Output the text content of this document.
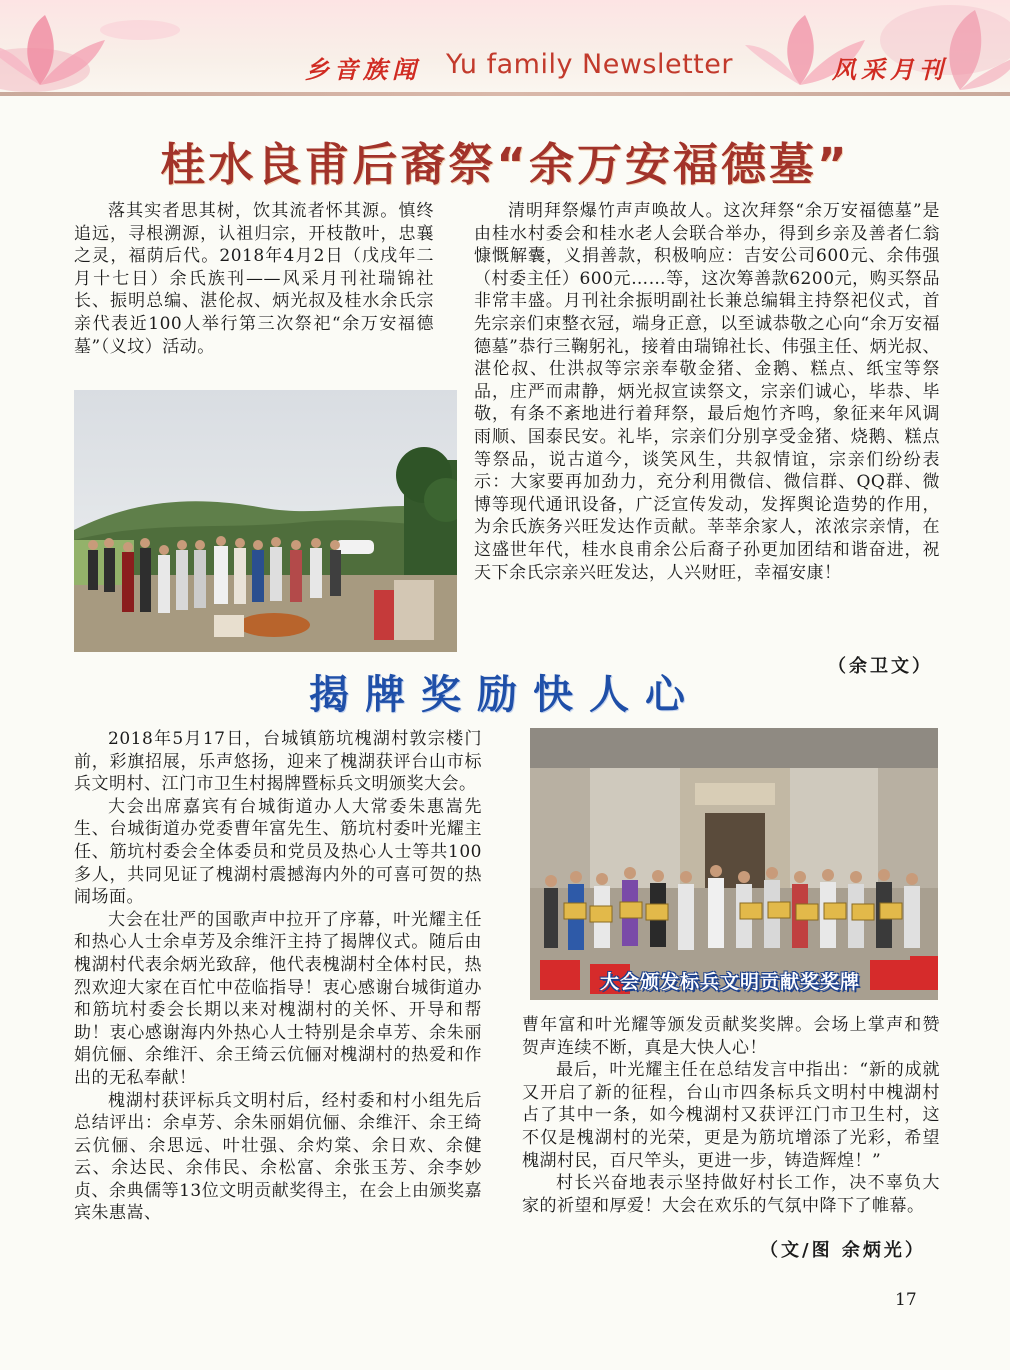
乡音族闻 Yu family Newsletter	风采月刊
桂水良甫后裔祭“余万安福德墓”

落其实者思其树，饮其流者怀其源。慎终追远，寻根溯源，认祖归宗，开枝散叶，忠襄之灵，福荫后代。2018年4月2日（戊戌年二月十七日）余氏族刊——风采月刊社瑞锦社长、振明总编、湛伦叔、炳光叔及桂水余氏宗亲代表近100人举行第三次祭祀“余万安福德墓”（义坟）活动。

清明拜祭爆竹声声唤故人。这次拜祭“余万安福德墓”是由桂水村委会和桂水老人会联合举办，得到乡亲及善者仁翁慷慨解囊，义捐善款，积极响应：吉安公司600元、余伟强（村委主任）600元……等，这次筹善款6200元，购买祭品非常丰盛。月刊社余振明副社长兼总编辑主持祭祀仪式，首先宗亲们束整衣冠，端身正意，以至诚恭敬之心向“余万安福德墓”恭行三鞠躬礼，接着由瑞锦社长、伟强主任、炳光叔、湛伦叔、仕洪叔等宗亲奉敬金猪、金鹅、糕点、纸宝等祭品，庄严而肃静，炳光叔宣读祭文，宗亲们诚心，毕恭、毕敬，有条不紊地进行着拜祭，最后炮竹齐鸣，象征来年风调雨顺、国泰民安。礼毕，宗亲们分别享受金猪、烧鹅、糕点等祭品，说古道今，谈笑风生，共叙情谊，宗亲们纷纷表示：大家要再加劲力，充分利用微信、微信群、QQ群、微博等现代通讯设备，广泛宣传发动，发挥舆论造势的作用，为余氏族务兴旺发达作贡献。莘莘余家人，浓浓宗亲情，在这盛世年代，桂水良甫余公后裔子孙更加团结和谐奋进，祝天下余氏宗亲兴旺发达，人兴财旺，幸福安康！

（余卫文）
揭牌奖励快人心

2018年5月17日，台城镇筋坑槐湖村敦宗楼门前，彩旗招展，乐声悠扬，迎来了槐湖获评台山市标兵文明村、江门市卫生村揭牌暨标兵文明颁奖大会。

大会出席嘉宾有台城街道办人大常委朱惠嵩先生、台城街道办党委曹年富先生、筋坑村委叶光耀主任、筋坑村委会全体委员和党员及热心人士等共100多人，共同见证了槐湖村震撼海内外的可喜可贺的热闹场面。

大会在壮严的国歌声中拉开了序幕，叶光耀主任和热心人士余卓芳及余维汗主持了揭牌仪式。随后由槐湖村代表余炳光致辞，他代表槐湖村全体村民，热烈欢迎大家在百忙中莅临指导！衷心感谢台城街道办和筋坑村委会长期以来对槐湖村的关怀、开导和帮助！衷心感谢海内外热心人士特别是余卓芳、余朱丽娟伉俪、余维汗、余王绮云伉俪对槐湖村的热爱和作出的无私奉献！

槐湖村获评标兵文明村后，经村委和村小组先后总结评出：余卓芳、余朱丽娟伉俪、余维汗、余王绮云伉俪、余思远、叶壮强、余灼棠、余日欢、余健云、余达民、余伟民、余松富、余张玉芳、余李妙贞、余典儒等13位文明贡献奖得主，在会上由颁奖嘉宾朱惠嵩、

大会颁发标兵文明贡献奖奖牌

曹年富和叶光耀等颁发贡献奖奖牌。会场上掌声和赞贺声连续不断，真是大快人心！

最后，叶光耀主任在总结发言中指出：“新的成就又开启了新的征程，台山市四条标兵文明村中槐湖村占了其中一条，如今槐湖村又获评江门市卫生村，这不仅是槐湖村的光荣，更是为筋坑增添了光彩，希望槐湖村民，百尺竿头，更进一步，铸造辉煌！”

村长兴奋地表示坚持做好村长工作，决不辜负大家的祈望和厚爱！大会在欢乐的气氛中降下了帷幕。

（文/图 余炳光）
17
